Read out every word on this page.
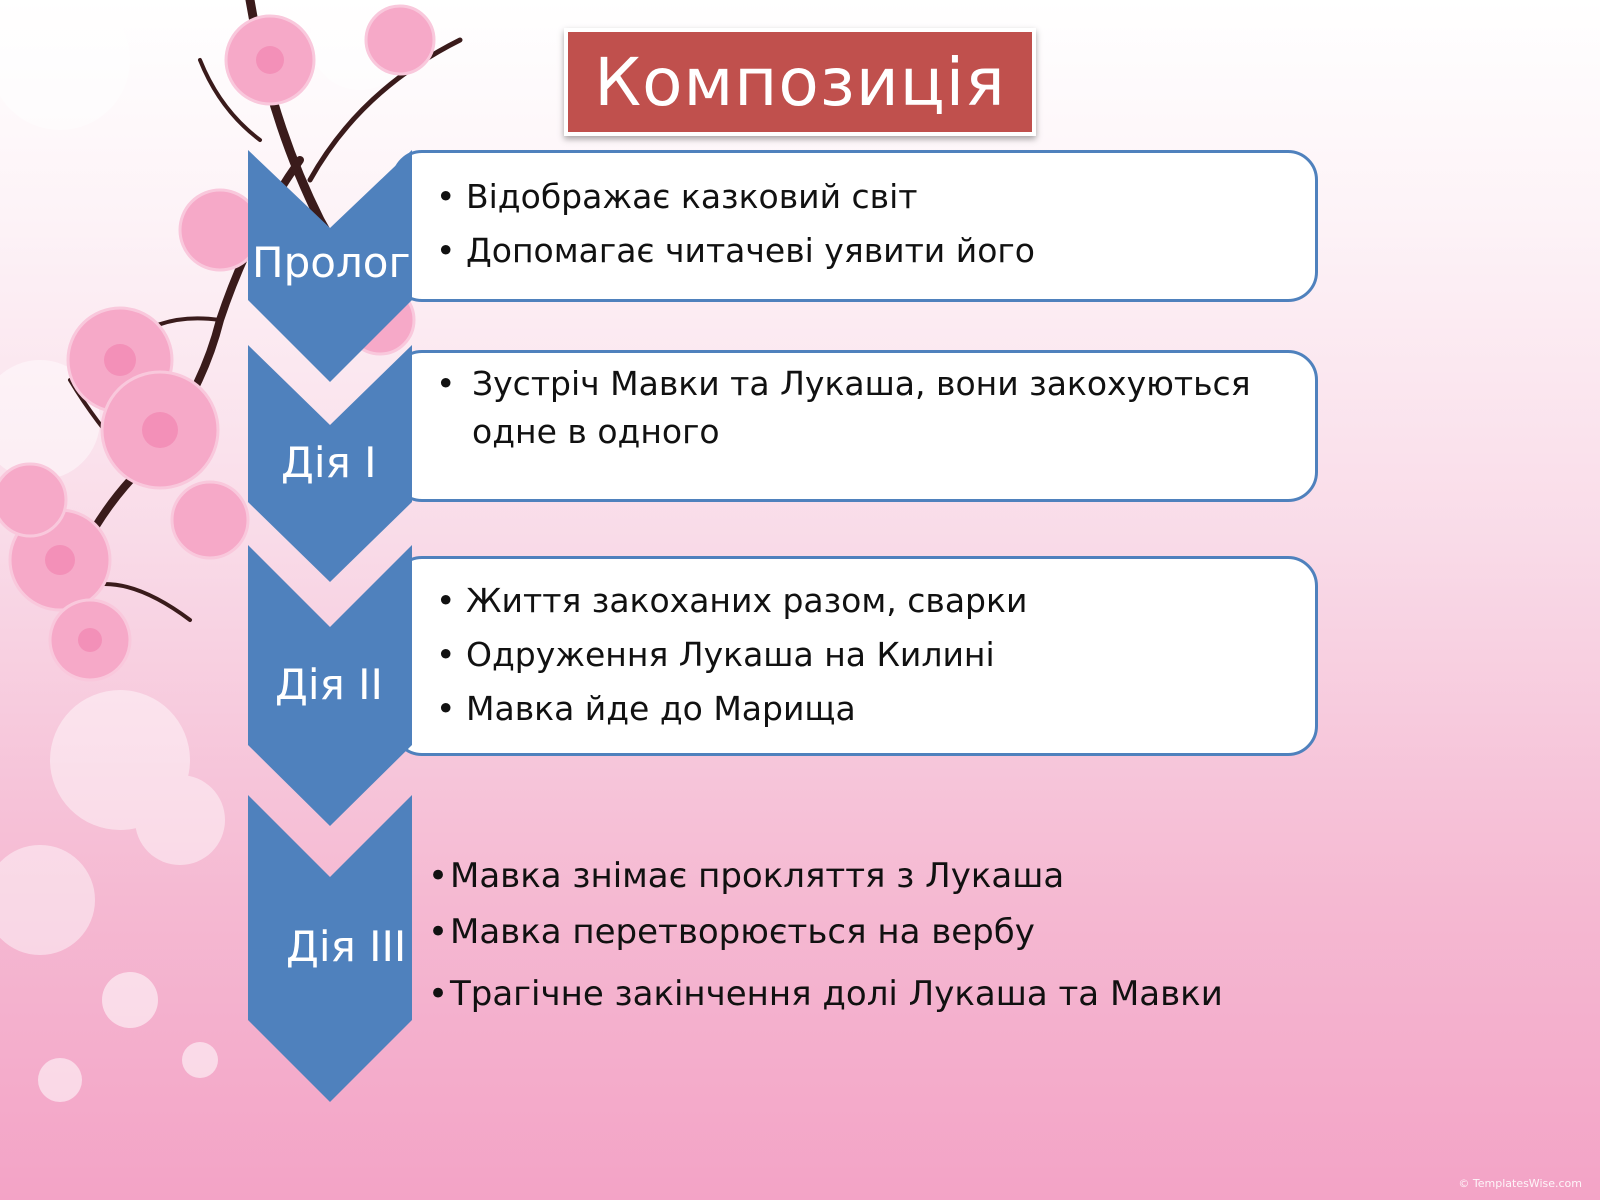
Композиція
Пролог
Дія І
Дія ІІ
Дія ІІІ
• Відображає казковий світ
• Допомагає читачеві уявити його
• Зустріч Мавки та Лукаша, вони закохуються одне в одного
• Життя закоханих разом, сварки
• Одруження Лукаша на Килині
• Мавка йде до Марища
• Мавка знімає прокляття з Лукаша
• Мавка перетворюється на вербу
• Трагічне закінчення долі Лукаша та Мавки
© TemplatesWise.com
